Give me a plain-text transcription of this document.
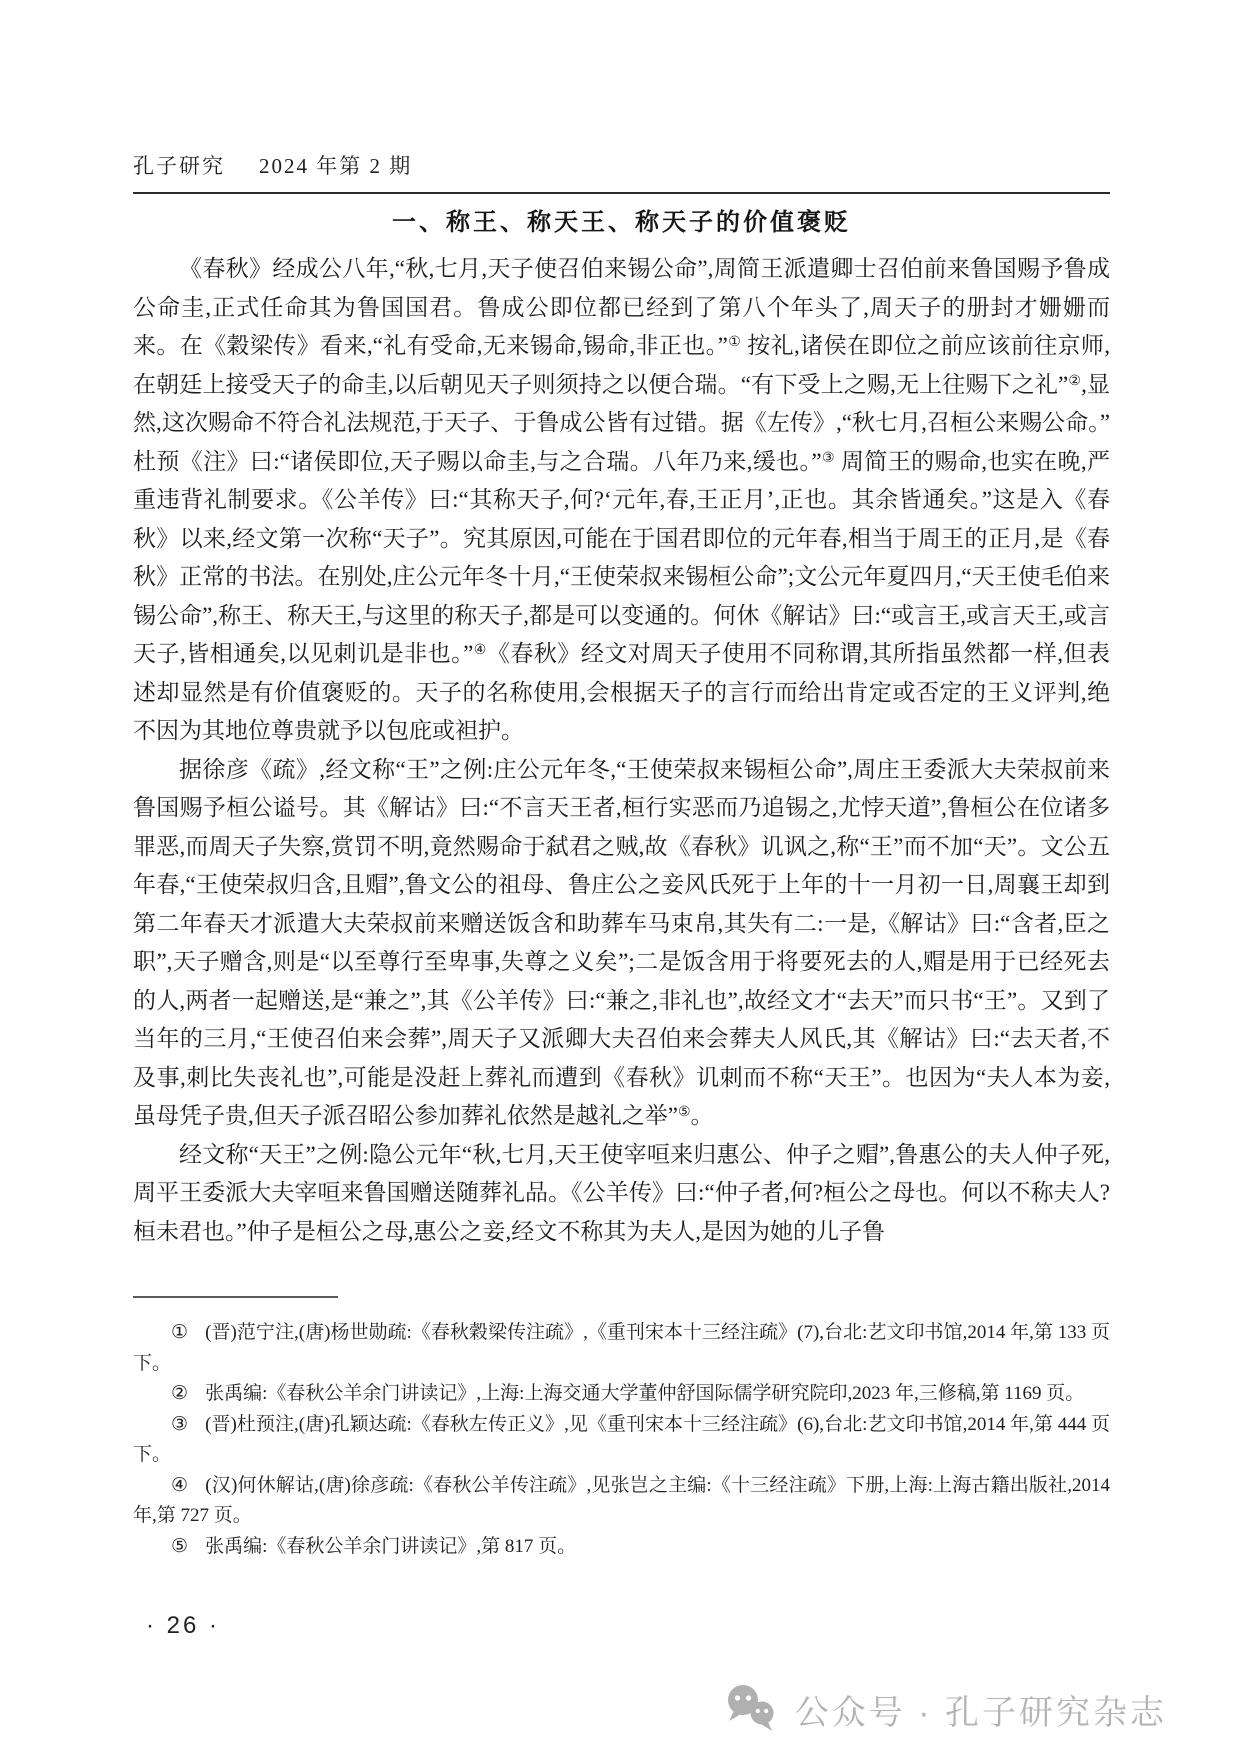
孔子研究 2024 年第 2 期
一、称王、称天王、称天子的价值褒贬

《春秋》经成公八年,“秋,七月,天子使召伯来锡公命”,周简王派遣卿士召伯前来鲁国赐予鲁成公命圭,正式任命其为鲁国国君。鲁成公即位都已经到了第八个年头了,周天子的册封才姗姗而来。在《穀梁传》看来,“礼有受命,无来锡命,锡命,非正也。”① 按礼,诸侯在即位之前应该前往京师,在朝廷上接受天子的命圭,以后朝见天子则须持之以便合瑞。“有下受上之赐,无上往赐下之礼”②,显然,这次赐命不符合礼法规范,于天子、于鲁成公皆有过错。据《左传》,“秋七月,召桓公来赐公命。”杜预《注》曰:“诸侯即位,天子赐以命圭,与之合瑞。八年乃来,缓也。”③ 周简王的赐命,也实在晚,严重违背礼制要求。《公羊传》曰:“其称天子,何?‘元年,春,王正月’,正也。其余皆通矣。”这是入《春秋》以来,经文第一次称“天子”。究其原因,可能在于国君即位的元年春,相当于周王的正月,是《春秋》正常的书法。在别处,庄公元年冬十月,“王使荣叔来锡桓公命”;文公元年夏四月,“天王使毛伯来锡公命”,称王、称天王,与这里的称天子,都是可以变通的。何休《解诂》曰:“或言王,或言天王,或言天子,皆相通矣,以见刺讥是非也。”④《春秋》经文对周天子使用不同称谓,其所指虽然都一样,但表述却显然是有价值褒贬的。天子的名称使用,会根据天子的言行而给出肯定或否定的王义评判,绝不因为其地位尊贵就予以包庇或袒护。

据徐彦《疏》,经文称“王”之例:庄公元年冬,“王使荣叔来锡桓公命”,周庄王委派大夫荣叔前来鲁国赐予桓公谥号。其《解诂》曰:“不言天王者,桓行实恶而乃追锡之,尤悖天道”,鲁桓公在位诸多罪恶,而周天子失察,赏罚不明,竟然赐命于弑君之贼,故《春秋》讥讽之,称“王”而不加“天”。文公五年春,“王使荣叔归含,且赗”,鲁文公的祖母、鲁庄公之妾风氏死于上年的十一月初一日,周襄王却到第二年春天才派遣大夫荣叔前来赠送饭含和助葬车马束帛,其失有二:一是,《解诂》曰:“含者,臣之职”,天子赠含,则是“以至尊行至卑事,失尊之义矣”;二是饭含用于将要死去的人,赗是用于已经死去的人,两者一起赠送,是“兼之”,其《公羊传》曰:“兼之,非礼也”,故经文才“去天”而只书“王”。又到了当年的三月,“王使召伯来会葬”,周天子又派卿大夫召伯来会葬夫人风氏,其《解诂》曰:“去天者,不及事,刺比失丧礼也”,可能是没赶上葬礼而遭到《春秋》讥刺而不称“天王”。也因为“夫人本为妾,虽母凭子贵,但天子派召昭公参加葬礼依然是越礼之举”⑤。

经文称“天王”之例:隐公元年“秋,七月,天王使宰咺来归惠公、仲子之赗”,鲁惠公的夫人仲子死,周平王委派大夫宰咺来鲁国赠送随葬礼品。《公羊传》曰:“仲子者,何?桓公之母也。何以不称夫人?桓未君也。”仲子是桓公之母,惠公之妾,经文不称其为夫人,是因为她的儿子鲁

① (晋)范宁注,(唐)杨世勋疏:《春秋穀梁传注疏》,《重刊宋本十三经注疏》(7),台北:艺文印书馆,2014 年,第 133 页下。

② 张禹编:《春秋公羊余门讲读记》,上海:上海交通大学董仲舒国际儒学研究院印,2023 年,三修稿,第 1169 页。

③ (晋)杜预注,(唐)孔颖达疏:《春秋左传正义》,见《重刊宋本十三经注疏》(6),台北:艺文印书馆,2014 年,第 444 页下。

④ (汉)何休解诂,(唐)徐彦疏:《春秋公羊传注疏》,见张岂之主编:《十三经注疏》下册,上海:上海古籍出版社,2014 年,第 727 页。

⑤ 张禹编:《春秋公羊余门讲读记》,第 817 页。

· 26 ·
公众号 · 孔子研究杂志
